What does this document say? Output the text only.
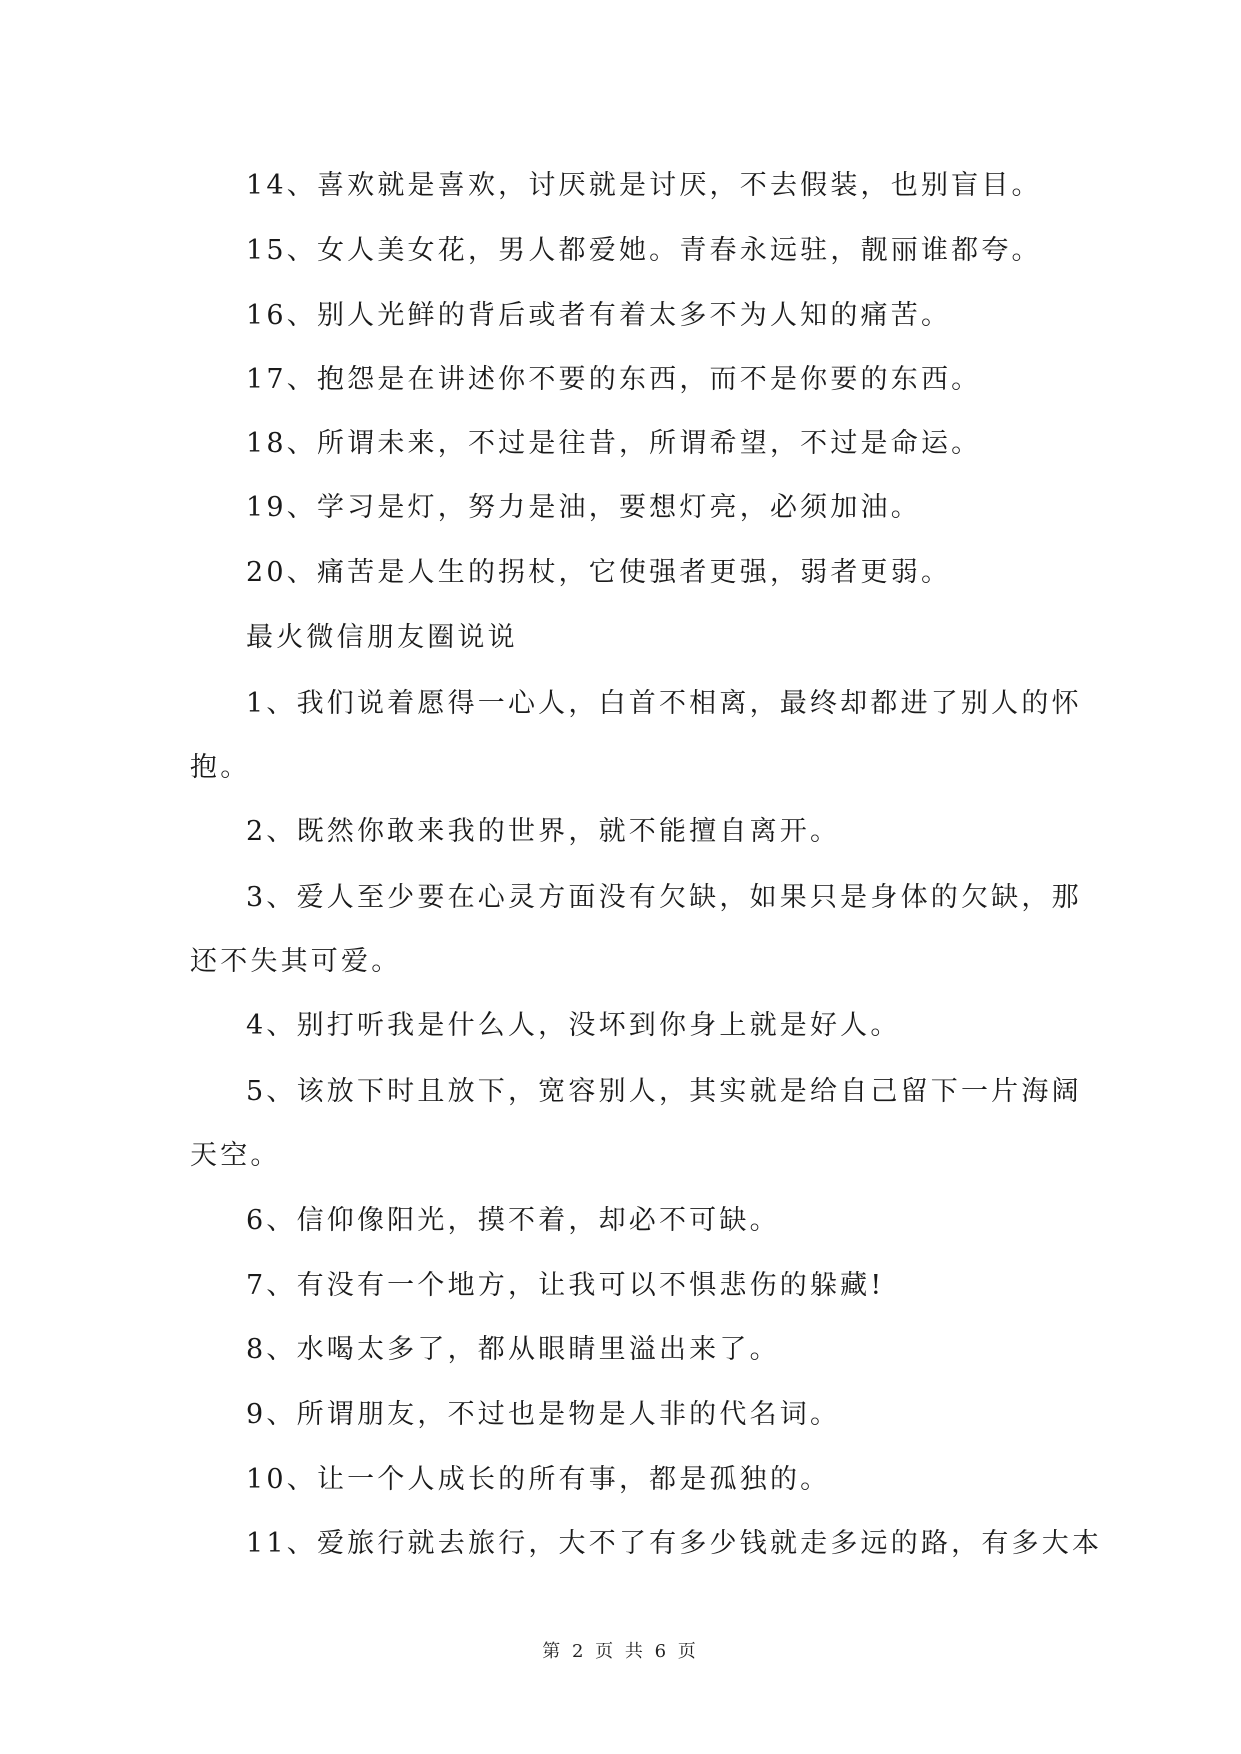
14、喜欢就是喜欢，讨厌就是讨厌，不去假装，也别盲目。
15、女人美女花，男人都爱她。青春永远驻，靓丽谁都夸。
16、别人光鲜的背后或者有着太多不为人知的痛苦。
17、抱怨是在讲述你不要的东西，而不是你要的东西。
18、所谓未来，不过是往昔，所谓希望，不过是命运。
19、学习是灯，努力是油，要想灯亮，必须加油。
20、痛苦是人生的拐杖，它使强者更强，弱者更弱。
最火微信朋友圈说说
1、我们说着愿得一心人，白首不相离，最终却都进了别人的怀
抱。
2、既然你敢来我的世界，就不能擅自离开。
3、爱人至少要在心灵方面没有欠缺，如果只是身体的欠缺，那
还不失其可爱。
4、别打听我是什么人，没坏到你身上就是好人。
5、该放下时且放下，宽容别人，其实就是给自己留下一片海阔
天空。
6、信仰像阳光，摸不着，却必不可缺。
7、有没有一个地方，让我可以不惧悲伤的躲藏!
8、水喝太多了，都从眼睛里溢出来了。
9、所谓朋友，不过也是物是人非的代名词。
10、让一个人成长的所有事，都是孤独的。
11、爱旅行就去旅行，大不了有多少钱就走多远的路，有多大本
第 2 页 共 6 页
